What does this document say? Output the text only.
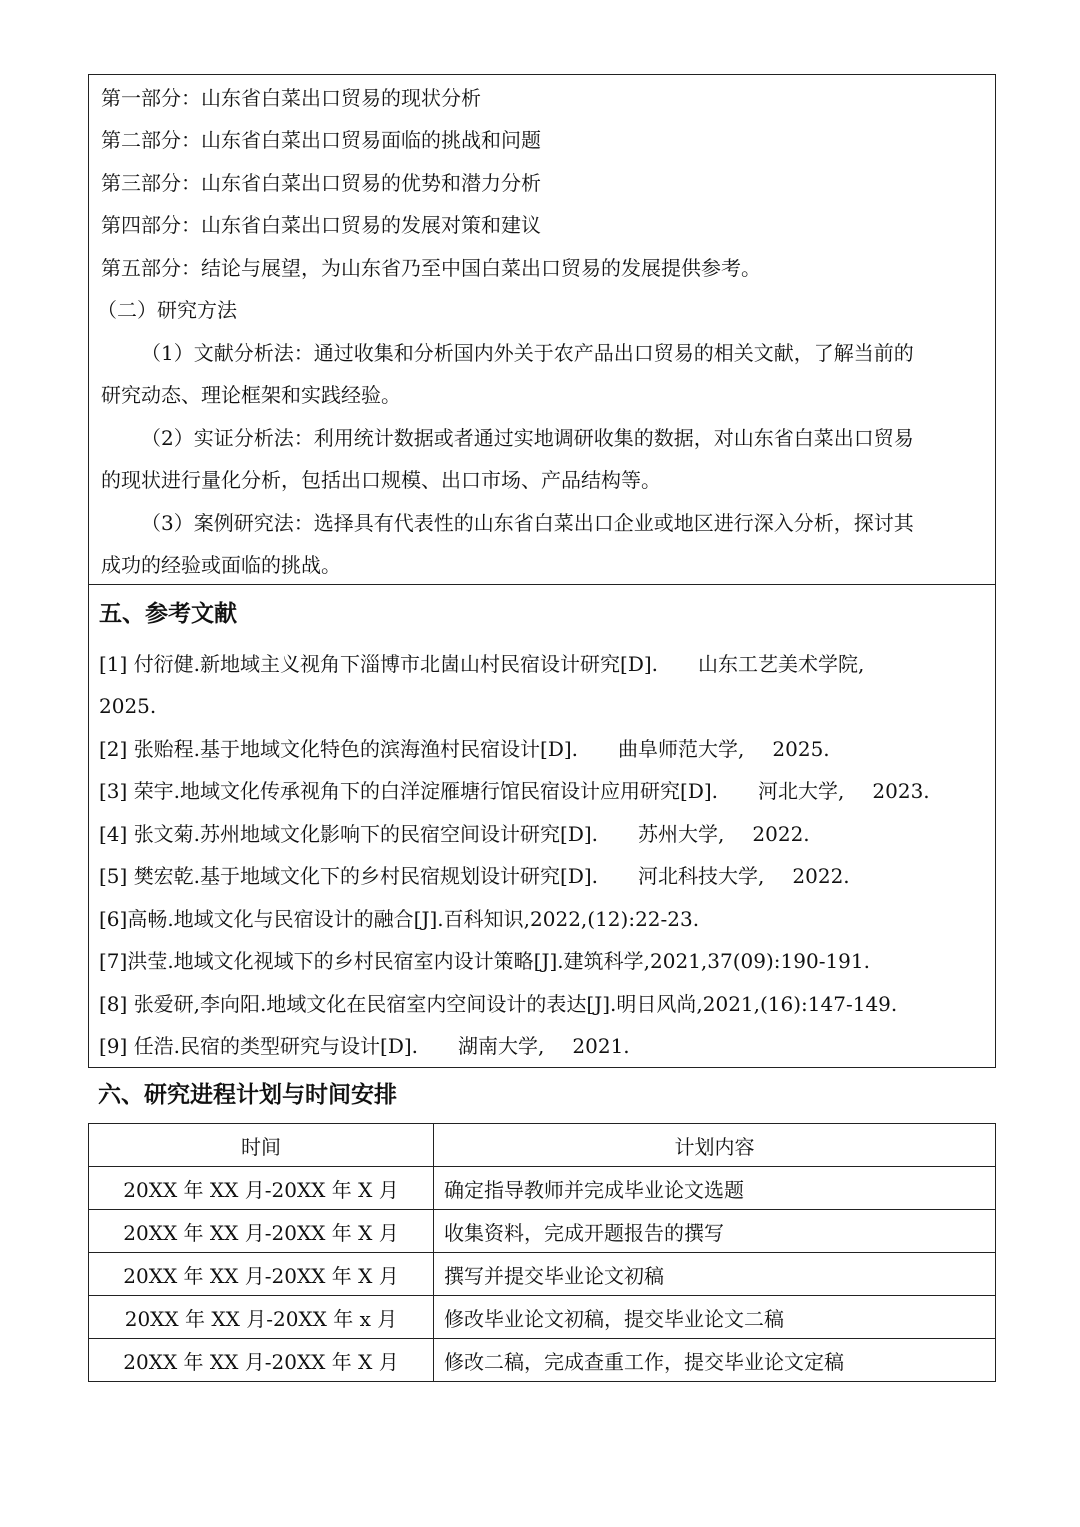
第一部分：山东省白菜出口贸易的现状分析
第二部分：山东省白菜出口贸易面临的挑战和问题
第三部分：山东省白菜出口贸易的优势和潜力分析
第四部分：山东省白菜出口贸易的发展对策和建议
第五部分：结论与展望，为山东省乃至中国白菜出口贸易的发展提供参考。
（二）研究方法
（1）文献分析法：通过收集和分析国内外关于农产品出口贸易的相关文献，了解当前的
研究动态、理论框架和实践经验。
（2）实证分析法：利用统计数据或者通过实地调研收集的数据，对山东省白菜出口贸易
的现状进行量化分析，包括出口规模、出口市场、产品结构等。
（3）案例研究法：选择具有代表性的山东省白菜出口企业或地区进行深入分析，探讨其
成功的经验或面临的挑战。
五、参考文献
[1] 付衍健.新地域主义视角下淄博市北崮山村民宿设计研究[D]. 山东工艺美术学院,
2025.
[2] 张贻程.基于地域文化特色的滨海渔村民宿设计[D]. 曲阜师范大学, 2025.
[3] 荣宇.地域文化传承视角下的白洋淀雁塘行馆民宿设计应用研究[D]. 河北大学, 2023.
[4] 张文菊.苏州地域文化影响下的民宿空间设计研究[D]. 苏州大学, 2022.
[5] 樊宏乾.基于地域文化下的乡村民宿规划设计研究[D]. 河北科技大学, 2022.
[6]高畅.地域文化与民宿设计的融合[J].百科知识,2022,(12):22-23.
[7]洪莹.地域文化视域下的乡村民宿室内设计策略[J].建筑科学,2021,37(09):190-191.
[8] 张爱研,李向阳.地域文化在民宿室内空间设计的表达[J].明日风尚,2021,(16):147-149.
[9] 任浩.民宿的类型研究与设计[D]. 湖南大学, 2021.
六、研究进程计划与时间安排
时间	计划内容
20XX 年 XX 月-20XX 年 X 月	确定指导教师并完成毕业论文选题
20XX 年 XX 月-20XX 年 X 月	收集资料，完成开题报告的撰写
20XX 年 XX 月-20XX 年 X 月	撰写并提交毕业论文初稿
20XX 年 XX 月-20XX 年 x 月	修改毕业论文初稿，提交毕业论文二稿
20XX 年 XX 月-20XX 年 X 月	修改二稿，完成查重工作，提交毕业论文定稿
